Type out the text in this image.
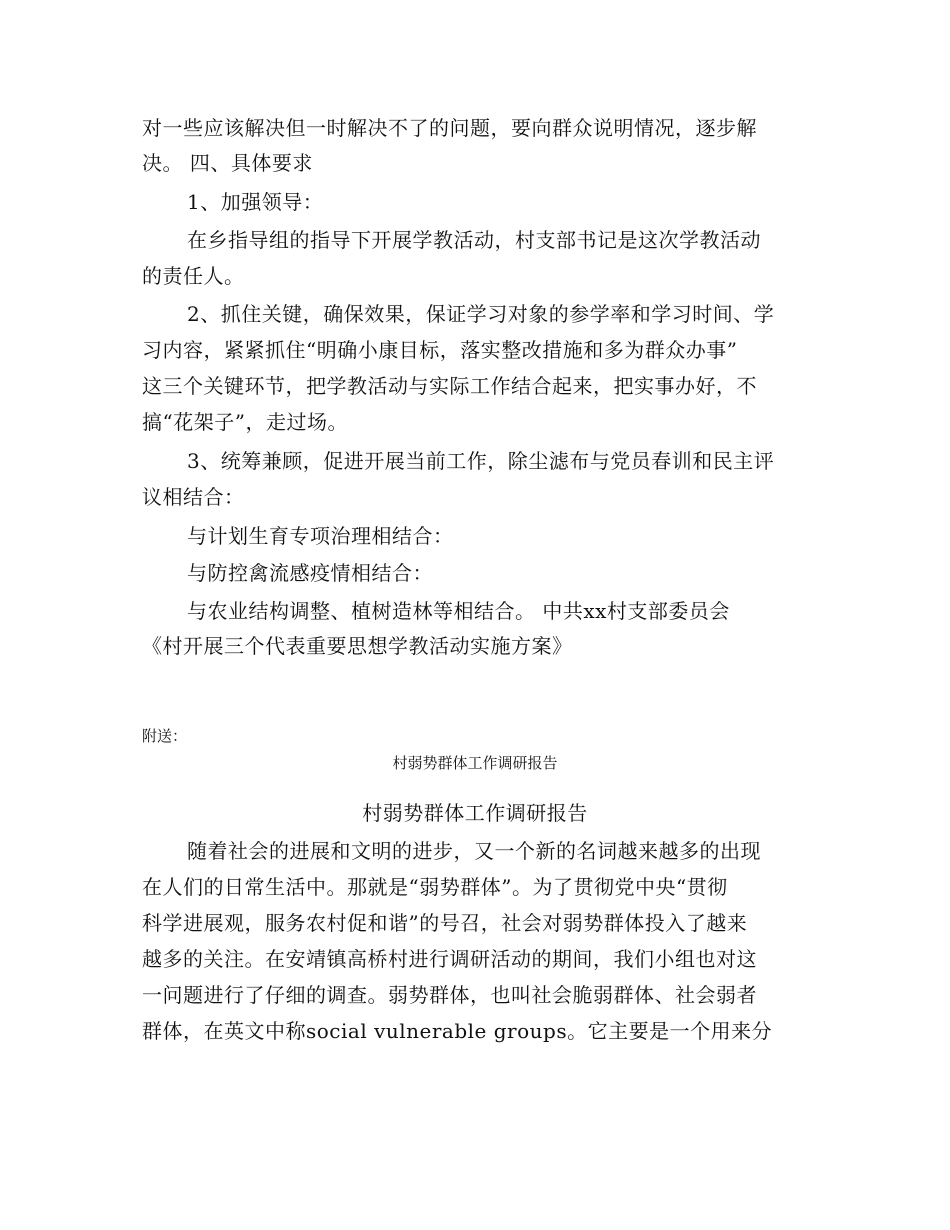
对一些应该解决但一时解决不了的问题，要向群众说明情况，逐步解
决。 四、具体要求
1、加强领导：
在乡指导组的指导下开展学教活动，村支部书记是这次学教活动
的责任人。
2、抓住关键，确保效果，保证学习对象的参学率和学习时间、学
习内容，紧紧抓住“明确小康目标，落实整改措施和多为群众办事”
这三个关键环节，把学教活动与实际工作结合起来，把实事办好，不
搞“花架子”，走过场。
3、统筹兼顾，促进开展当前工作，除尘滤布与党员春训和民主评
议相结合：
与计划生育专项治理相结合：
与防控禽流感疫情相结合：
与农业结构调整、植树造林等相结合。 中共xx村支部委员会
《村开展三个代表重要思想学教活动实施方案》
附送：
村弱势群体工作调研报告
村弱势群体工作调研报告
随着社会的进展和文明的进步，又一个新的名词越来越多的出现
在人们的日常生活中。那就是“弱势群体”。为了贯彻党中央“贯彻
科学进展观，服务农村促和谐”的号召，社会对弱势群体投入了越来
越多的关注。在安靖镇高桥村进行调研活动的期间，我们小组也对这
一问题进行了仔细的调查。弱势群体，也叫社会脆弱群体、社会弱者
群体，在英文中称social vulnerable groups。它主要是一个用来分
